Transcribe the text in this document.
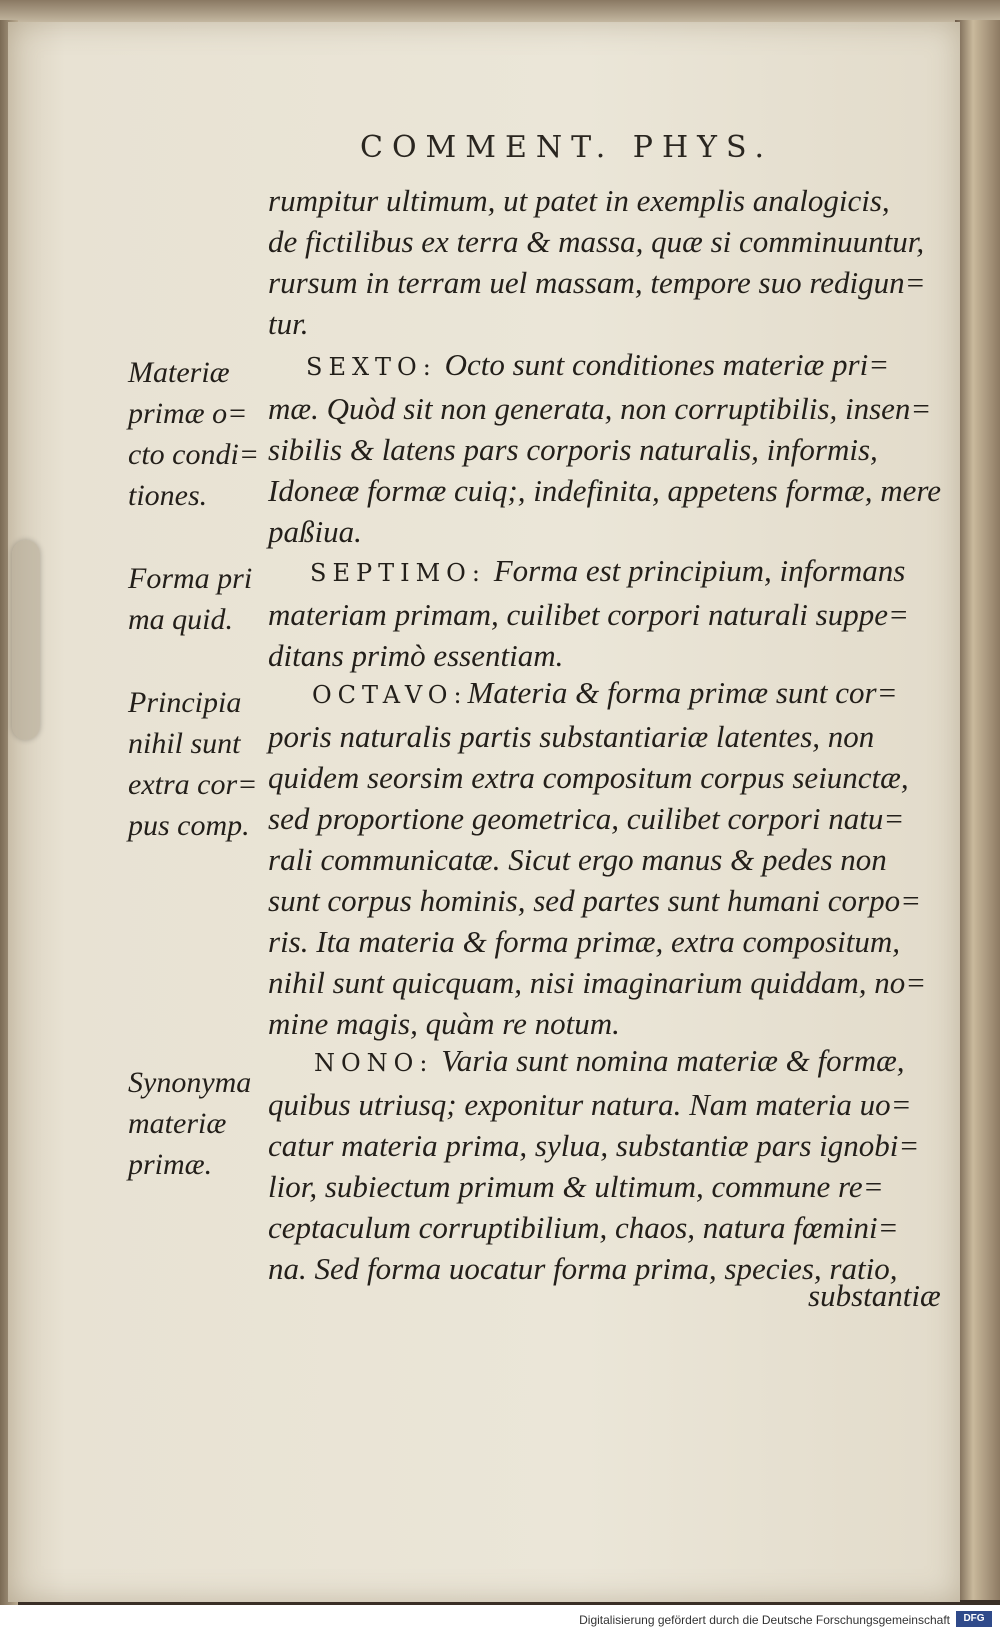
COMMENT. PHYS.
rumpitur ultimum, ut patet in exemplis analogicis,
de fictilibus ex terra & massa, quæ si comminuuntur,
rursum in terram uel massam, tempore suo redigun=
tur.
SEXTO: Octo sunt conditiones materiæ pri=
mæ. Quòd sit non generata, non corruptibilis, insen=
sibilis & latens pars corporis naturalis, informis,
Idoneæ formæ cuiq;, indefinita, appetens formæ, mere
paßiua.
Materiæ
primæ o=
cto condi=
tiones.
SEPTIMO: Forma est principium, informans
materiam primam, cuilibet corpori naturali suppe=
ditans primò essentiam.
Forma pri
ma quid.
OCTAVO:Materia & forma primæ sunt cor=
poris naturalis partis substantiariæ latentes, non
quidem seorsim extra compositum corpus seiunctæ,
sed proportione geometrica, cuilibet corpori natu=
rali communicatæ. Sicut ergo manus & pedes non
sunt corpus hominis, sed partes sunt humani corpo=
ris. Ita materia & forma primæ, extra compositum,
nihil sunt quicquam, nisi imaginarium quiddam, no=
mine magis, quàm re notum.
Principia
nihil sunt
extra cor=
pus comp.
NONO: Varia sunt nomina materiæ & formæ,
quibus utriusq; exponitur natura. Nam materia uo=
catur materia prima, sylua, substantiæ pars ignobi=
lior, subiectum primum & ultimum, commune re=
ceptaculum corruptibilium, chaos, natura fœmini=
na. Sed forma uocatur forma prima, species, ratio,
Synonyma
materiæ
primæ.
substantiæ
Digitalisierung gefördert durch die Deutsche Forschungsgemeinschaft	DFG
